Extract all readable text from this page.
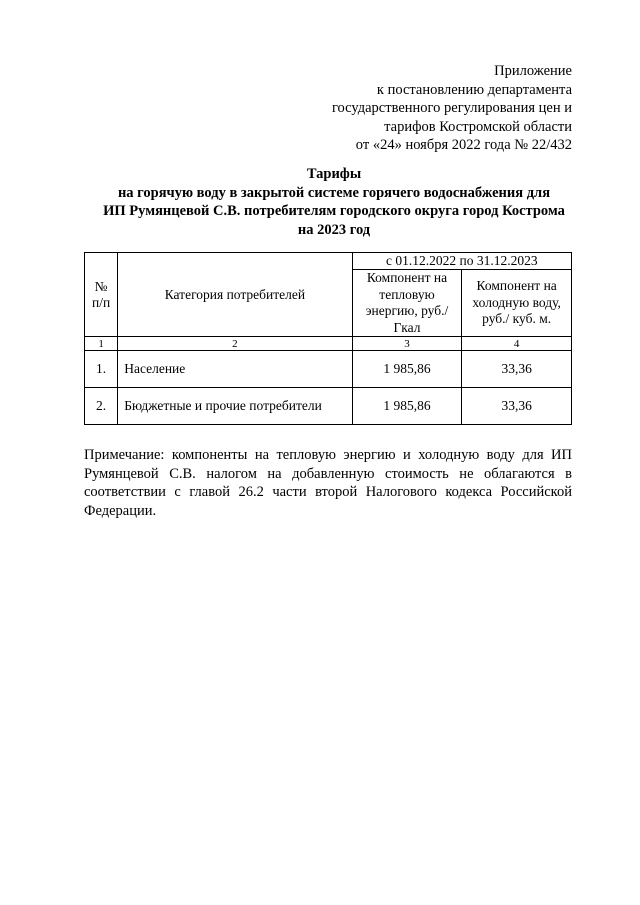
Приложение
к постановлению департамента
государственного регулирования цен и
тарифов Костромской области
от «24» ноября 2022 года № 22/432
Тарифы
на горячую воду в закрытой системе горячего водоснабжения для
ИП Румянцевой С.В. потребителям городского округа город Кострома
на 2023 год
№ п/п	Категория потребителей	с 01.12.2022 по 31.12.2023	
		Компонент на тепловую энергию, руб./Гкал	Компонент на холодную воду, руб./ куб. м.
1	2	3	4
1.	Население	1 985,86	33,36
2.	Бюджетные и прочие потребители	1 985,86	33,36
Примечание: компоненты на тепловую энергию и холодную воду для ИП Румянцевой С.В. налогом на добавленную стоимость не облагаются в соответствии с главой 26.2 части второй Налогового кодекса Российской Федерации.
